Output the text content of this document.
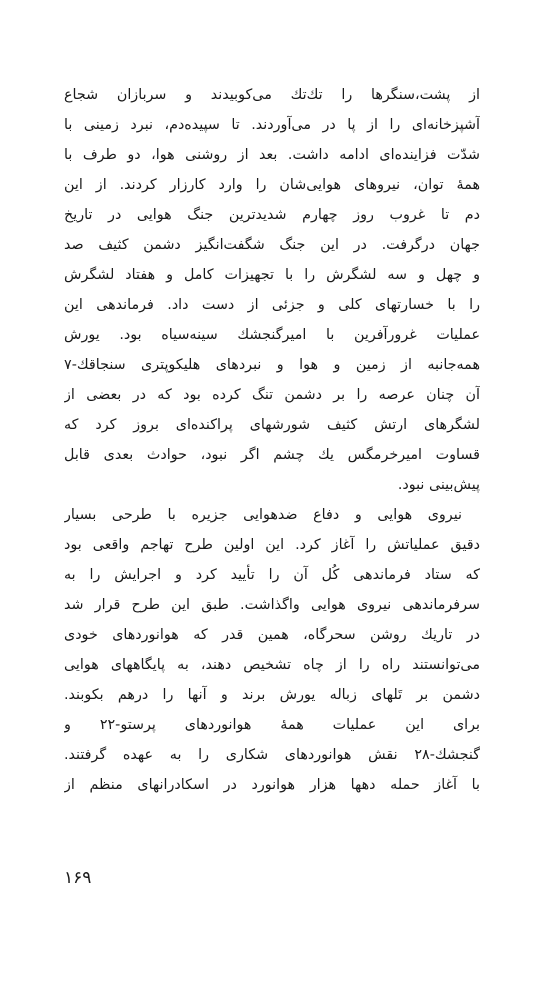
از پشت،سنگرها را تك‌تك می‌كوبيدند و سربازان شجاع
آشپزخانه‌ای را از پا در می‌آوردند. تا سپيده‌دم، نبرد زمينی با
شدّت فزاينده‌ای ادامه داشت. بعد از روشنی هوا، دو طرف با
همهٔ توان، نيروهای هوايی‌شان را وارد كارزار كردند. از اين
دم تا غروب روز چهارم شديدترين جنگ هوايی در تاريخ
جهان درگرفت. در اين جنگ شگفت‌انگيز دشمن كثيف صد
و چهل و سه لشگرش را با تجهيزات كامل و هفتاد لشگرش
را با خسارتهای كلی و جزئی از دست داد. فرماندهی اين
عمليات غرورآفرين با امير‌گنجشك سينه‌سياه بود. يورش
همه‌جانبه از زمين و هوا و نبردهای هليكوپتری سنجاقك-۷
آن چنان عرصه را بر دشمن تنگ كرده بود كه در بعضی از
لشگرهای ارتش كثيف شورشهای پراكنده‌ای بروز كرد كه
قساوت اميرخرمگس يك چشم اگر نبود، حوادث بعدی قابل
پيش‌بينی نبود.
نيروی هوايی و دفاع ضدهوايی جزيره با طرحی بسيار
دقيق عملياتش را آغاز كرد. اين اولين طرح تهاجم واقعی بود
كه ستاد فرماندهی كُل آن را تأييد كرد و اجرايش را به
سرفرماندهی نيروی هوايی واگذاشت. طبق اين طرح قرار شد
در تاريك روشن سحرگاه، همين قدر كه هوانوردهای خودی
می‌توانستند راه را از چاه تشخيص دهند، به پايگاههای هوايی
دشمن بر تَلهای زباله يورش برند و آنها را درهم بكوبند.
برای اين عمليات همهٔ هوانوردهای پرستو-۲۲ و
گنجشك-۲۸ نقش هوانوردهای شكاری را به عهده گرفتند.
با آغاز حمله دهها هزار هوانورد در اسكادرانهای منظم از
۱۶۹
